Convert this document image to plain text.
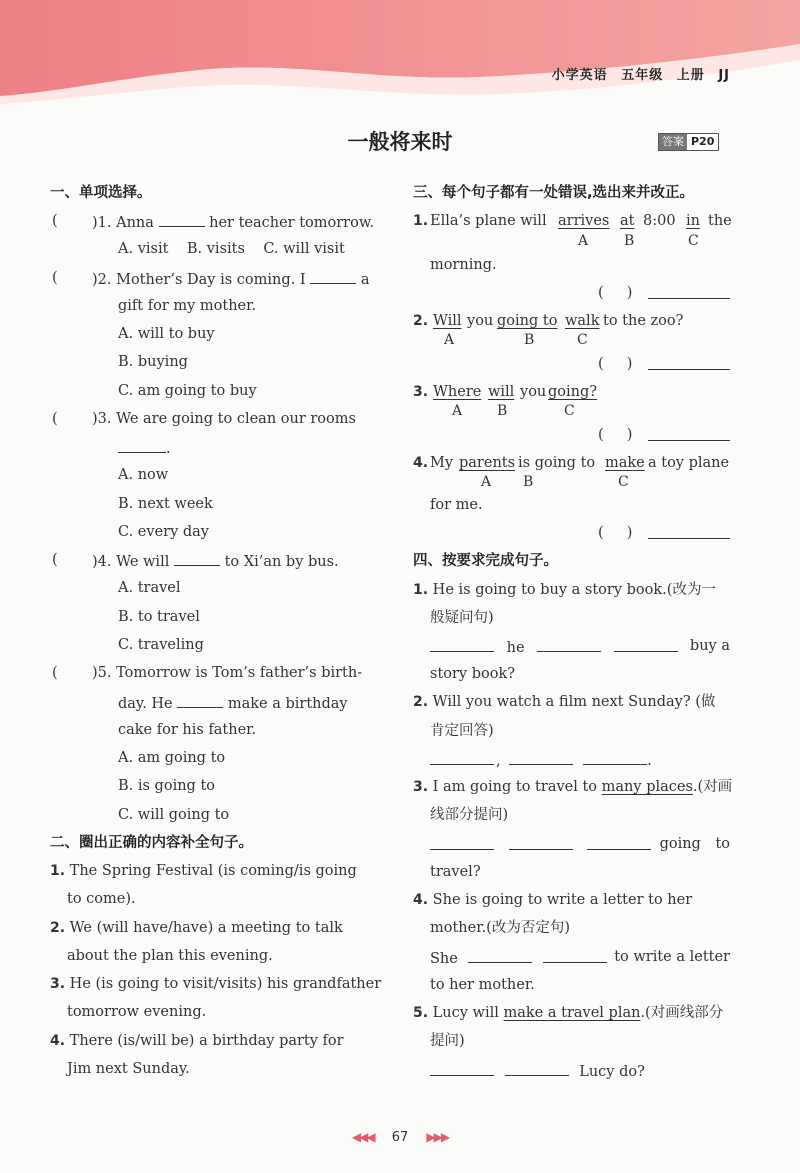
小学英语 五年级 上册 JJ
一般将来时	答案 P20
一、单项选择。
( )1. Anna	her teacher tomorrow.
A. visit    B. visits    C. will visit
( )2. Mother’s Day is coming. I	a
gift for my mother.
A. will to buy
B. buying
C. am going to buy
( )3. We are going to clean our rooms
.
A. now
B. next week
C. every day
( )4. We will	to Xi’an by bus.
A. travel
B. to travel
C. traveling
( )5. Tomorrow is Tom’s father’s birth-
day. He	make a birthday
cake for his father.
A. am going to
B. is going to
C. will going to
二、圈出正确的内容补全句子。
1. The Spring Festival (is coming/is going
to come).
2. We (will have/have) a meeting to talk
about the plan this evening.
3. He (is going to visit/visits) his grandfather
tomorrow evening.
4. There (is/will be) a birthday party for
Jim next Sunday.
三、每个句子都有一处错误,选出来并改正。
1. Ella’s plane will arrives at 8:00 in the
A	B	C
morning.
(     )
2. Will you going to walk to the zoo?
A	B	C
(     )
3. Where will you going?
A B	C
(     )
4. My parents is going to make a toy plane
A B	C
for me.
(     )
四、按要求完成句子。
1. He is going to buy a story book.(改为一
般疑问句)
he	buy a
story book?
2. Will you watch a film next Sunday? (做
肯定回答)
,	.
3. I am going to travel to many places.(对画
线部分提问)

going to
travel?
4. She is going to write a letter to her
mother.(改为否定句)
She	to write a letter
to her mother.
5. Lucy will make a travel plan.(对画线部分
提问)
Lucy do?
◀◀◀ 67 ▶▶▶
